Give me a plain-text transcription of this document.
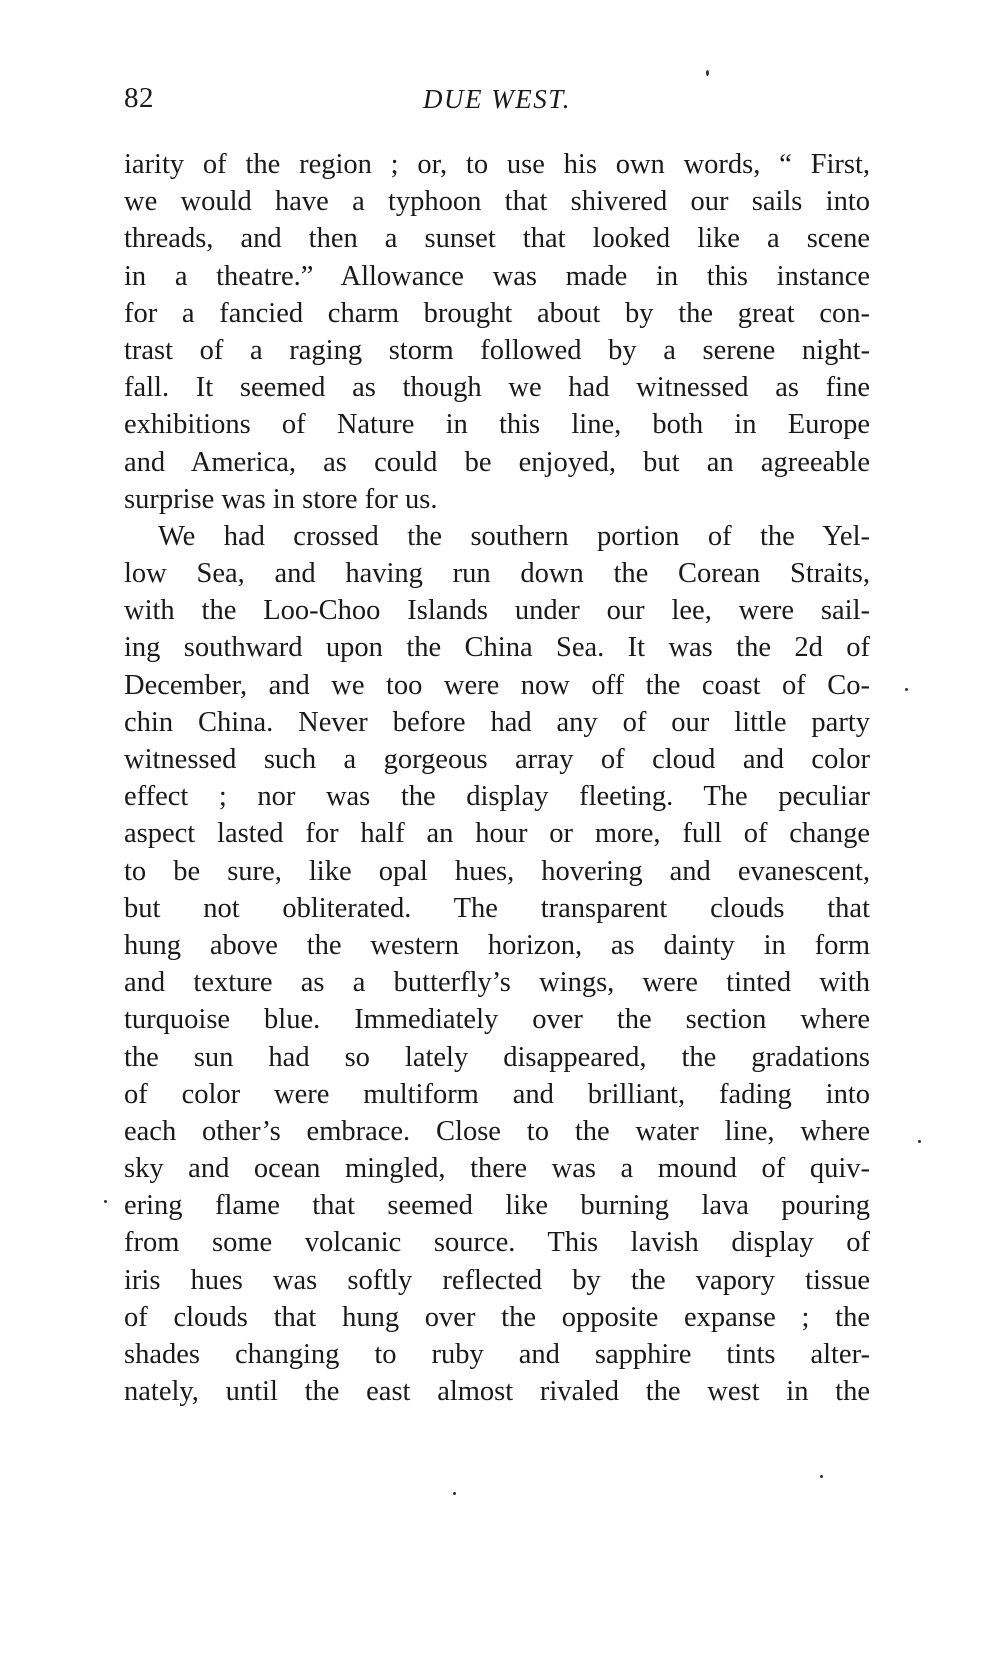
82	DUE WEST.
iarity of the region ; or, to use his own words, “ First,
we would have a typhoon that shivered our sails into
threads, and then a sunset that looked like a scene
in a theatre.” Allowance was made in this instance
for a fancied charm brought about by the great con-
trast of a raging storm followed by a serene night-
fall. It seemed as though we had witnessed as fine
exhibitions of Nature in this line, both in Europe
and America, as could be enjoyed, but an agreeable
surprise was in store for us.
We had crossed the southern portion of the Yel-
low Sea, and having run down the Corean Straits,
with the Loo-Choo Islands under our lee, were sail-
ing southward upon the China Sea. It was the 2d of
December, and we too were now off the coast of Co-
chin China. Never before had any of our little party
witnessed such a gorgeous array of cloud and color
effect ; nor was the display fleeting. The peculiar
aspect lasted for half an hour or more, full of change
to be sure, like opal hues, hovering and evanescent,
but not obliterated. The transparent clouds that
hung above the western horizon, as dainty in form
and texture as a butterfly’s wings, were tinted with
turquoise blue. Immediately over the section where
the sun had so lately disappeared, the gradations
of color were multiform and brilliant, fading into
each other’s embrace. Close to the water line, where
sky and ocean mingled, there was a mound of quiv-
ering flame that seemed like burning lava pouring
from some volcanic source. This lavish display of
iris hues was softly reflected by the vapory tissue
of clouds that hung over the opposite expanse ; the
shades changing to ruby and sapphire tints alter-
nately, until the east almost rivaled the west in the
